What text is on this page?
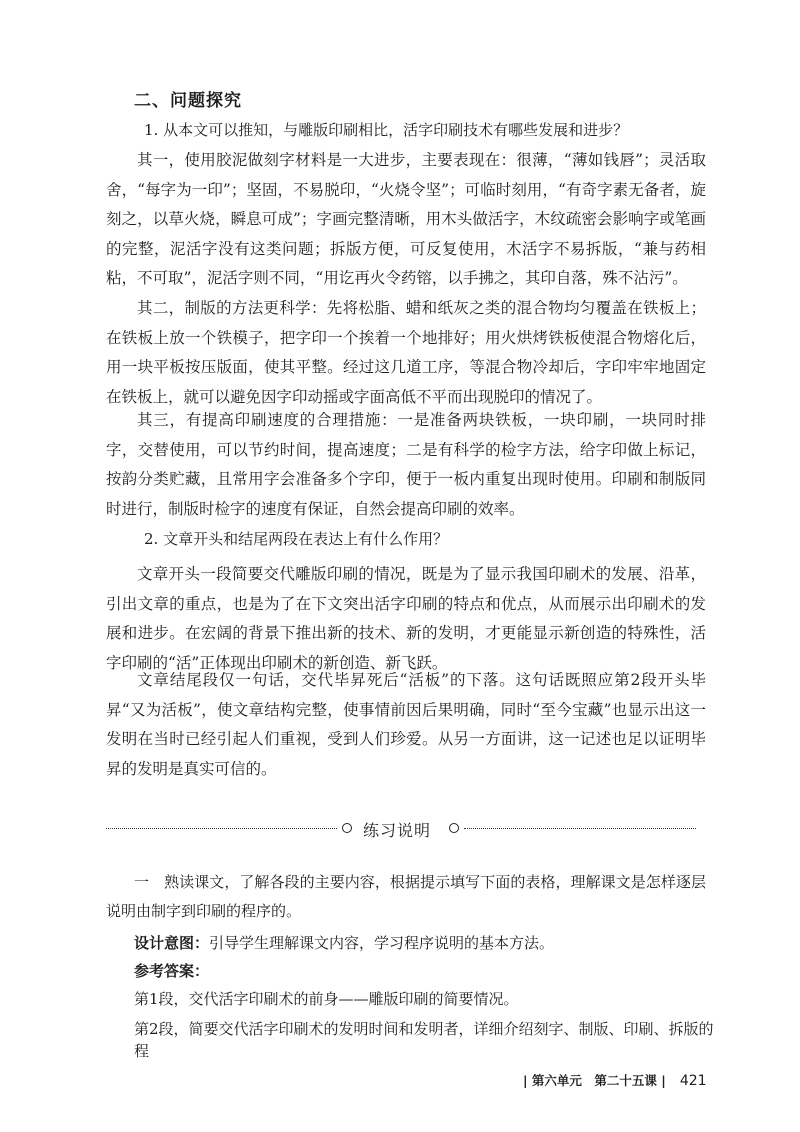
二、问题探究
1. 从本文可以推知，与雕版印刷相比，活字印刷技术有哪些发展和进步？
其一，使用胶泥做刻字材料是一大进步，主要表现在：很薄，“薄如钱唇”；灵活取舍，“每字为一印”；坚固，不易脱印，“火烧令坚”；可临时刻用，“有奇字素无备者，旋刻之，以草火烧，瞬息可成”；字画完整清晰，用木头做活字，木纹疏密会影响字或笔画的完整，泥活字没有这类问题；拆版方便，可反复使用，木活字不易拆版，“兼与药相粘，不可取”，泥活字则不同，“用讫再火令药镕，以手拂之，其印自落，殊不沾污”。
其二，制版的方法更科学：先将松脂、蜡和纸灰之类的混合物均匀覆盖在铁板上；在铁板上放一个铁模子，把字印一个挨着一个地排好；用火烘烤铁板使混合物熔化后，用一块平板按压版面，使其平整。经过这几道工序，等混合物冷却后，字印牢牢地固定在铁板上，就可以避免因字印动摇或字面高低不平而出现脱印的情况了。
其三，有提高印刷速度的合理措施：一是准备两块铁板，一块印刷，一块同时排字，交替使用，可以节约时间，提高速度；二是有科学的检字方法，给字印做上标记，按韵分类贮藏，且常用字会准备多个字印，便于一板内重复出现时使用。印刷和制版同时进行，制版时检字的速度有保证，自然会提高印刷的效率。
2. 文章开头和结尾两段在表达上有什么作用？
文章开头一段简要交代雕版印刷的情况，既是为了显示我国印刷术的发展、沿革，引出文章的重点，也是为了在下文突出活字印刷的特点和优点，从而展示出印刷术的发展和进步。在宏阔的背景下推出新的技术、新的发明，才更能显示新创造的特殊性，活字印刷的“活”正体现出印刷术的新创造、新飞跃。
文章结尾段仅一句话，交代毕昇死后“活板”的下落。这句话既照应第2段开头毕昇“又为活板”，使文章结构完整，使事情前因后果明确，同时“至今宝藏”也显示出这一发明在当时已经引起人们重视，受到人们珍爱。从另一方面讲，这一记述也足以证明毕昇的发明是真实可信的。
练习说明
一　熟读课文，了解各段的主要内容，根据提示填写下面的表格，理解课文是怎样逐层说明由制字到印刷的程序的。
设计意图：引导学生理解课文内容，学习程序说明的基本方法。
参考答案：
第1段，交代活字印刷术的前身——雕版印刷的简要情况。
第2段，简要交代活字印刷术的发明时间和发明者，详细介绍刻字、制版、印刷、拆版的程
| 第六单元　第二十五课 | 421
